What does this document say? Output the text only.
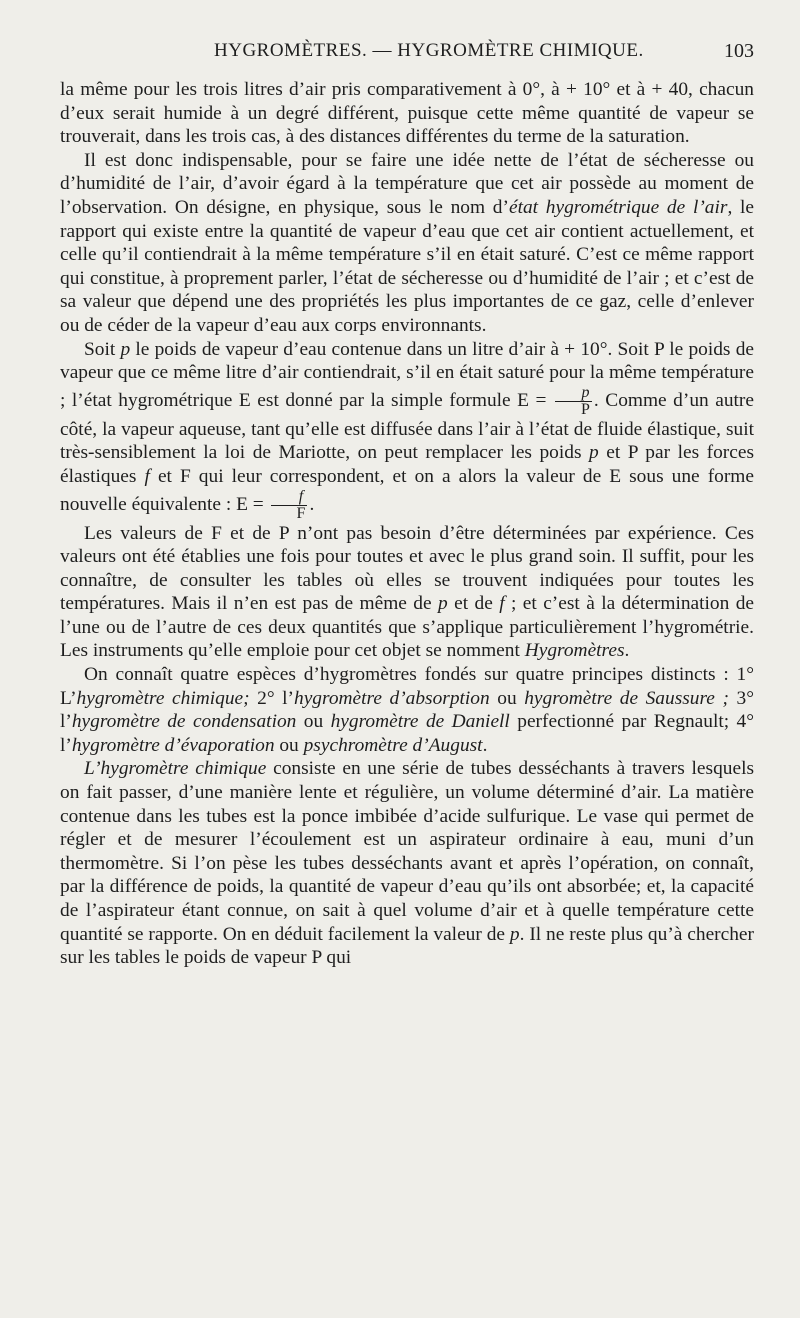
HYGROMÈTRES. — HYGROMÈTRE CHIMIQUE.	103

la même pour les trois litres d’air pris comparativement à 0°, à + 10° et à + 40, chacun d’eux serait humide à un degré différent, puisque cette même quantité de vapeur se trouverait, dans les trois cas, à des distances différentes du terme de la saturation.

Il est donc indispensable, pour se faire une idée nette de l’état de sécheresse ou d’humidité de l’air, d’avoir égard à la température que cet air possède au moment de l’observation. On désigne, en physique, sous le nom d’état hygrométrique de l’air, le rapport qui existe entre la quantité de vapeur d’eau que cet air contient actuellement, et celle qu’il contiendrait à la même température s’il en était saturé. C’est ce même rapport qui constitue, à proprement parler, l’état de sécheresse ou d’humidité de l’air ; et c’est de sa valeur que dépend une des propriétés les plus importantes de ce gaz, celle d’enlever ou de céder de la vapeur d’eau aux corps environnants.

Soit p le poids de vapeur d’eau contenue dans un litre d’air à + 10°. Soit P le poids de vapeur que ce même litre d’air contiendrait, s’il en était saturé pour la même température ; l’état hygrométrique E est donné par la simple formule $E = \frac{p}{P}$ . Comme d’un autre côté, la vapeur aqueuse, tant qu’elle est diffusée dans l’air à l’état de fluide élastique, suit très-sensiblement la loi de Mariotte, on peut remplacer les poids p et P par les forces élastiques f et F qui leur correspondent, et on a alors la valeur de E sous une forme nouvelle équivalente : $E = \frac{f}{F}$ .

Les valeurs de F et de P n’ont pas besoin d’être déterminées par expérience. Ces valeurs ont été établies une fois pour toutes et avec le plus grand soin. Il suffit, pour les connaître, de consulter les tables où elles se trouvent indiquées pour toutes les températures. Mais il n’en est pas de même de p et de f ; et c’est à la détermination de l’une ou de l’autre de ces deux quantités que s’applique particulièrement l’hygrométrie. Les instruments qu’elle emploie pour cet objet se nomment Hygromètres.

On connaît quatre espèces d’hygromètres fondés sur quatre principes distincts : 1° L’hygromètre chimique; 2° l’hygromètre d’absorption ou hygromètre de Saussure ; 3° l’hygromètre de condensation ou hygromètre de Daniell perfectionné par Regnault; 4° l’hygromètre d’évaporation ou psychromètre d’August.

L’hygromètre chimique consiste en une série de tubes desséchants à travers lesquels on fait passer, d’une manière lente et régulière, un volume déterminé d’air. La matière contenue dans les tubes est la ponce imbibée d’acide sulfurique. Le vase qui permet de régler et de mesurer l’écoulement est un aspirateur ordinaire à eau, muni d’un thermomètre. Si l’on pèse les tubes desséchants avant et après l’opération, on connaît, par la différence de poids, la quantité de vapeur d’eau qu’ils ont absorbée; et, la capacité de l’aspirateur étant connue, on sait à quel volume d’air et à quelle température cette quantité se rapporte. On en déduit facilement la valeur de p. Il ne reste plus qu’à chercher sur les tables le poids de vapeur P qui
